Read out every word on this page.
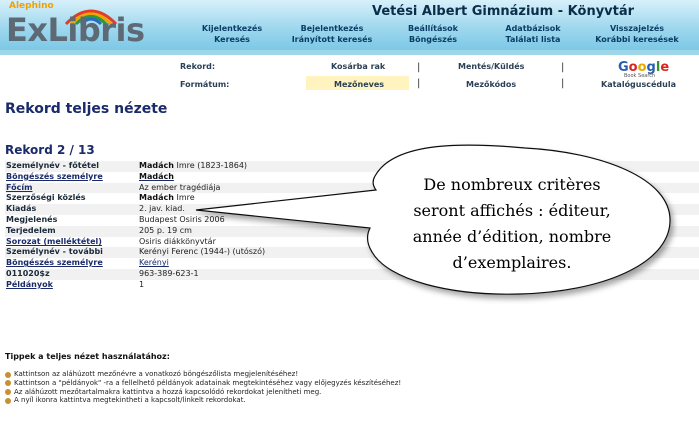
Alephino
ExLibris	Vetési Albert Gimnázium - Könyvtár
Kijelentkezés
Keresés
Bejelentkezés
Irányított keresés
Beállítások
Böngészés
Adatbázisok
Találati lista
Visszajelzés
Korábbi keresések
Rekord:
Formátum:
Kosárba rak	|
|
Mentés/Küldés	|
|
Mezőneves	Mezőkódos	Katalóguscédula
Google
Book Search
Rekord teljes nézete
Rekord 2 / 13
Személynév - főtétel	Madách Imre (1823-1864)
Böngészés személyre	Madách
Főcím	Az ember tragédiája
Szerzőségi közlés	Madách Imre
Kiadás	2. jav. kiad.
Megjelenés	Budapest Osiris 2006
Terjedelem	205 p. 19 cm
Sorozat (melléktétel)	Osiris diákkönyvtár
Személynév - további	Kerényi Ferenc (1944-) (utószó)
Böngészés személyre	Kerényi
011020$z	963-389-623-1
Példányok	1
Tippek a teljes nézet használatához:
Kattintson az aláhúzott mezőnévre a vonatkozó böngészőlista megjelenítéséhez!
Kattintson a "példányok" -ra a fellelhető példányok adatainak megtekintéséhez vagy előjegyzés készítéséhez!
Az aláhúzott mezőtartalmakra kattintva a hozzá kapcsolódó rekordokat jelenítheti meg.
A nyíl ikonra kattintva megtekintheti a kapcsolt/linkelt rekordokat.
De nombreux critères
seront affichés : éditeur,
année d’édition, nombre
d’exemplaires.
